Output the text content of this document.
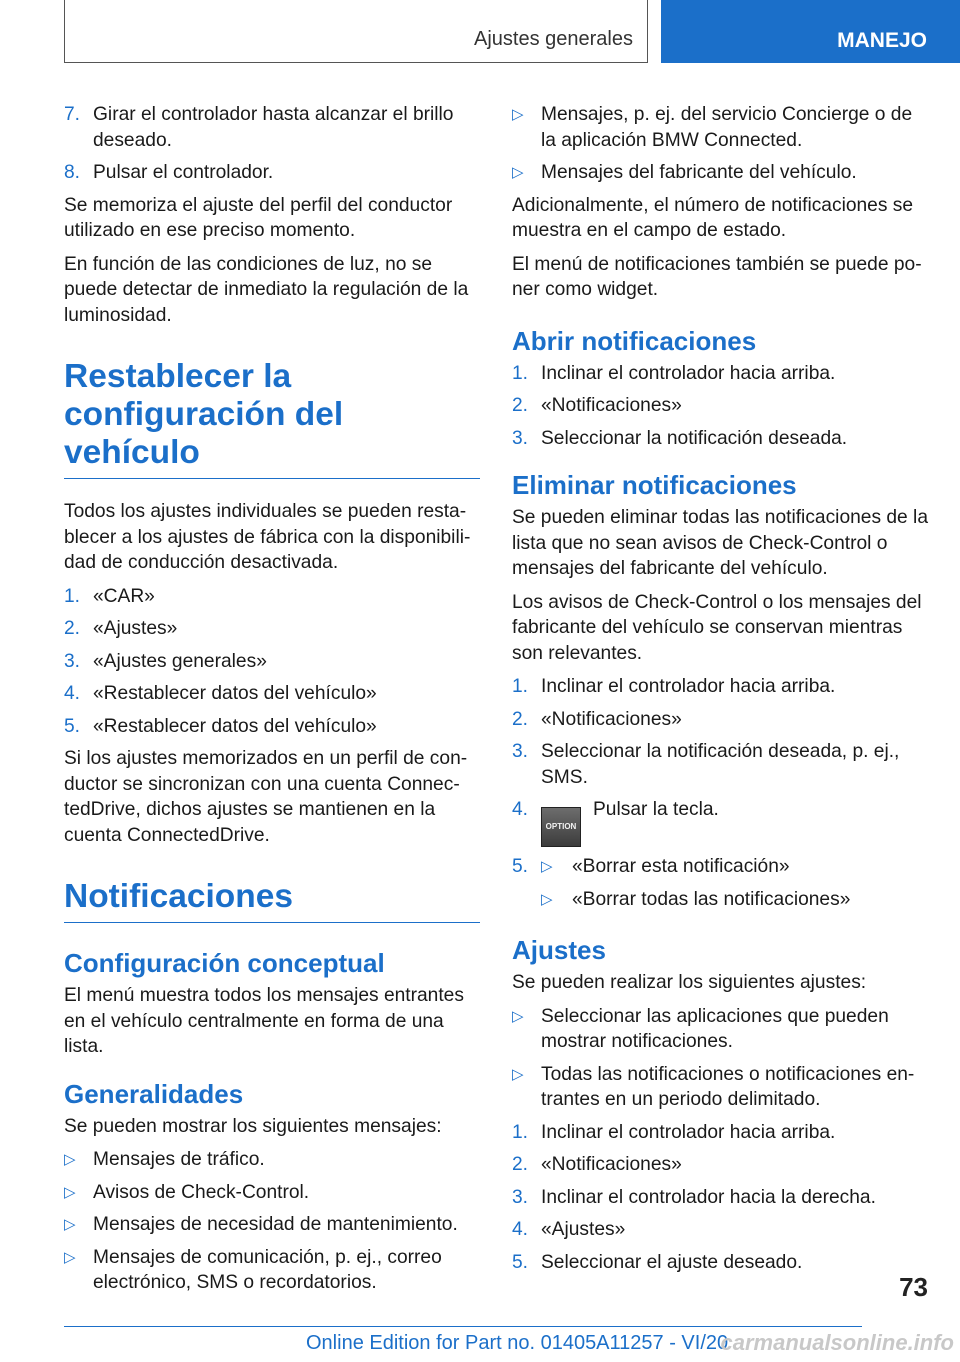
Ajustes generales	MANEJO
7. Girar el controlador hasta alcanzar el brillo deseado.
8. Pulsar el controlador.

Se memoriza el ajuste del perfil del conductor utilizado en ese preciso momento.

En función de las condiciones de luz, no se puede detectar de inmediato la regulación de la luminosidad.

Restablecer la configuración del vehículo

Todos los ajustes individuales se pueden restablecer a los ajustes de fábrica con la disponibilidad de conducción desactivada.

1. «CAR»
2. «Ajustes»
3. «Ajustes generales»
4. «Restablecer datos del vehículo»
5. «Restablecer datos del vehículo»

Si los ajustes memorizados en un perfil de conductor se sincronizan con una cuenta ConnectedDrive, dichos ajustes se mantienen en la cuenta ConnectedDrive.

Notificaciones
Configuración conceptual

El menú muestra todos los mensajes entrantes en el vehículo centralmente en forma de una lista.

Generalidades

Se pueden mostrar los siguientes mensajes:

▷ Mensajes de tráfico.
▷ Avisos de Check-Control.
▷ Mensajes de necesidad de mantenimiento.
▷ Mensajes de comunicación, p. ej., correo electrónico, SMS o recordatorios.
▷ Mensajes, p. ej. del servicio Concierge o de la aplicación BMW Connected.
▷ Mensajes del fabricante del vehículo.

Adicionalmente, el número de notificaciones se muestra en el campo de estado.

El menú de notificaciones también se puede poner como widget.

Abrir notificaciones
1. Inclinar el controlador hacia arriba.
2. «Notificaciones»
3. Seleccionar la notificación deseada.
Eliminar notificaciones

Se pueden eliminar todas las notificaciones de la lista que no sean avisos de Check-Control o mensajes del fabricante del vehículo.

Los avisos de Check-Control o los mensajes del fabricante del vehículo se conservan mientras son relevantes.

1. Inclinar el controlador hacia arriba.
2. «Notificaciones»
3. Seleccionar la notificación deseada, p. ej., SMS.
4.
OPTIONPulsar la tecla.
5. ▷	«Borrar esta notificación»
▷	«Borrar todas las notificaciones»
Ajustes

Se pueden realizar los siguientes ajustes:

▷ Seleccionar las aplicaciones que pueden mostrar notificaciones.
▷ Todas las notificaciones o notificaciones entrantes en un periodo delimitado.
1. Inclinar el controlador hacia arriba.
2. «Notificaciones»
3. Inclinar el controlador hacia la derecha.
4. «Ajustes»
5. Seleccionar el ajuste deseado.
73
Online Edition for Part no. 01405A11257 - VI/20
carmanualsonline.info
